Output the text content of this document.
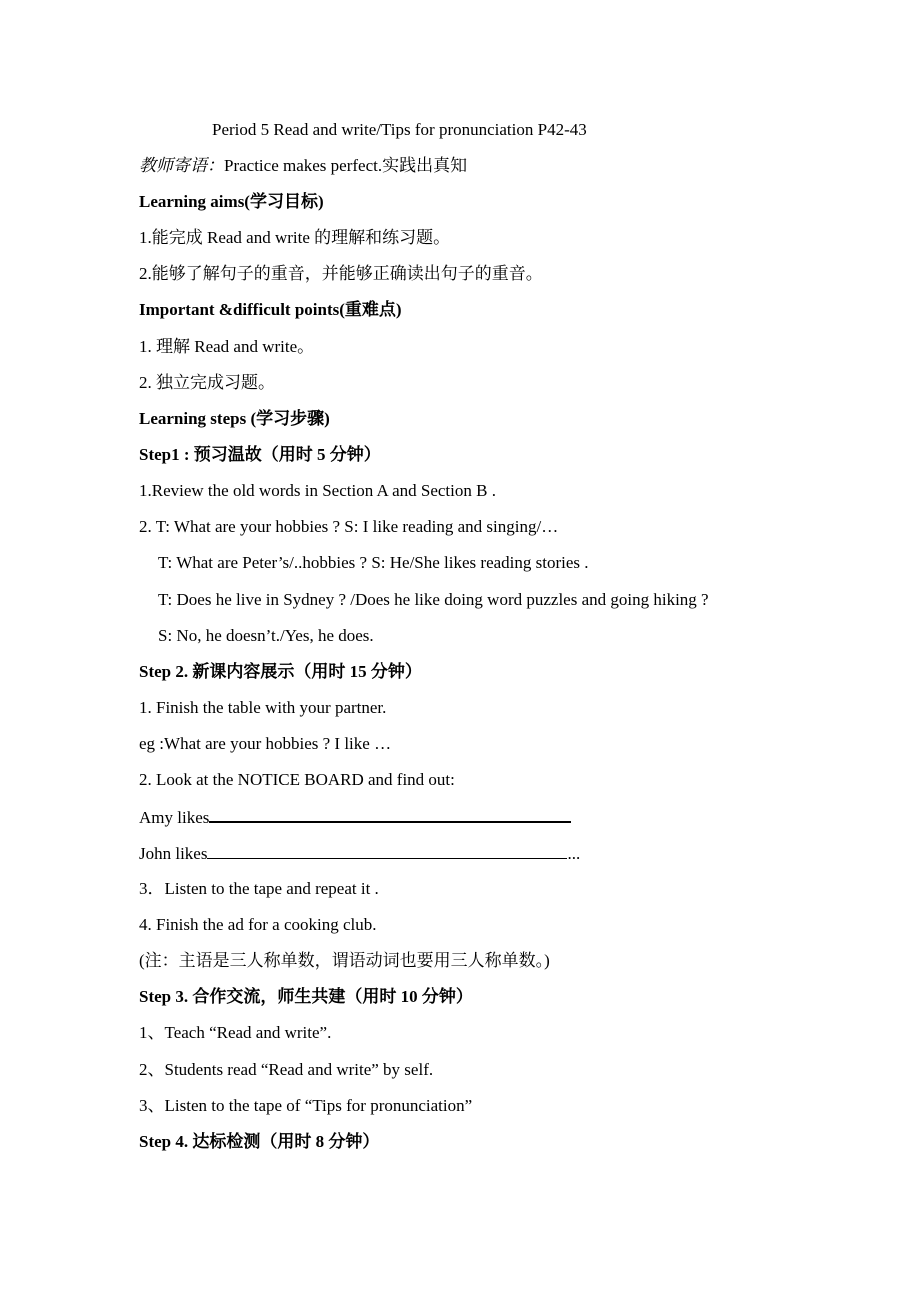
Period 5 Read and write/Tips for pronunciation P42-43
教师寄语：Practice makes perfect.实践出真知
Learning aims(学习目标)
1.能完成 Read and write 的理解和练习题。
2.能够了解句子的重音，并能够正确读出句子的重音。
Important &difficult points(重难点)
1. 理解 Read and write。
2. 独立完成习题。
Learning steps (学习步骤)
Step1 : 预习温故（用时 5 分钟）
1.Review the old words in Section A and Section B .
2. T: What are your hobbies ? S: I like reading and singing/…
T: What are Peter’s/..hobbies ? S: He/She likes reading stories .
T: Does he live in Sydney ? /Does he like doing word puzzles and going hiking ?
S: No, he doesn’t./Yes, he does.
Step 2. 新课内容展示（用时 15 分钟）
1. Finish the table with your partner.
eg :What are your hobbies ? I like …
2. Look at the NOTICE BOARD and find out:
Amy likes
John likes	...
3．Listen to the tape and repeat it .
4. Finish the ad for a cooking club.
(注：主语是三人称单数，谓语动词也要用三人称单数。)
Step 3. 合作交流，师生共建（用时 10 分钟）
1、Teach “Read and write”.
2、Students read “Read and write” by self.
3、Listen to the tape of “Tips for pronunciation”
Step 4. 达标检测（用时 8 分钟）
